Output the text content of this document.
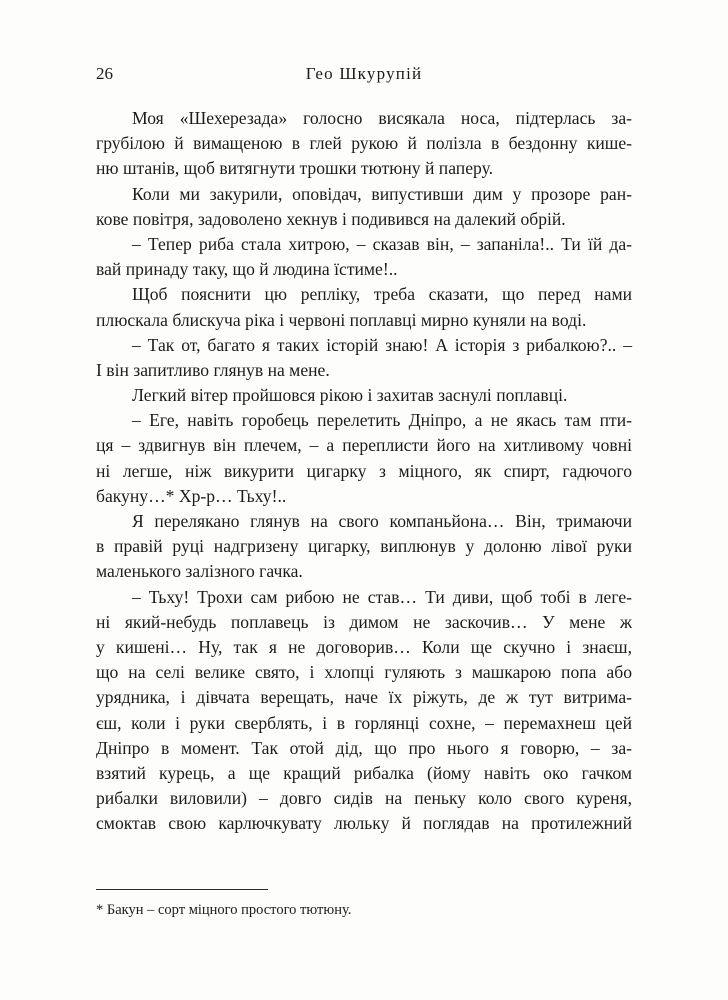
26	Гео Шкурупій
Моя «Шехерезада» голосно висякала носа, підтерлась за-
грубілою й вимащеною в глей рукою й полізла в бездонну кише-
ню штанів, щоб витягнути трошки тютюну й паперу.
Коли ми закурили, оповідач, випустивши дим у прозоре ран-
кове повітря, задоволено хекнув і подивився на далекий обрій.
– Тепер риба стала хитрою, – сказав він, – запаніла!.. Ти їй да-
вай принаду таку, що й людина їстиме!..
Щоб пояснити цю репліку, треба сказати, що перед нами
плюскала блискуча ріка і червоні поплавці мирно куняли на воді.
– Так от, багато я таких історій знаю! А історія з рибалкою?.. –
І він запитливо глянув на мене.
Легкий вітер пройшовся рікою і захитав заснулі поплавці.
– Еге, навіть горобець перелетить Дніпро, а не якась там пти-
ця – здвигнув він плечем, – а переплисти його на хитливому човні
ні легше, ніж викурити цигарку з міцного, як спирт, гадючого
бакуну…* Хр-р… Тьху!..
Я перелякано глянув на свого компаньйона… Він, тримаючи
в правій руці надгризену цигарку, виплюнув у долоню лівої руки
маленького залізного гачка.
– Тьху! Трохи сам рибою не став… Ти диви, щоб тобі в леге-
ні який-небудь поплавець із димом не заскочив… У мене ж
у кишені… Ну, так я не договорив… Коли ще скучно і знаєш,
що на селі велике свято, і хлопці гуляють з машкарою попа або
урядника, і дівчата верещать, наче їх ріжуть, де ж тут витрима-
єш, коли і руки сверблять, і в горлянці сохне, – перемахнеш цей
Дніпро в момент. Так отой дід, що про нього я говорю, – за-
взятий курець, а ще кращий рибалка (йому навіть око гачком
рибалки виловили) – довго сидів на пеньку коло свого куреня,
смоктав свою карлючкувату люльку й поглядав на протилежний
* Бакун – сорт міцного простого тютюну.
